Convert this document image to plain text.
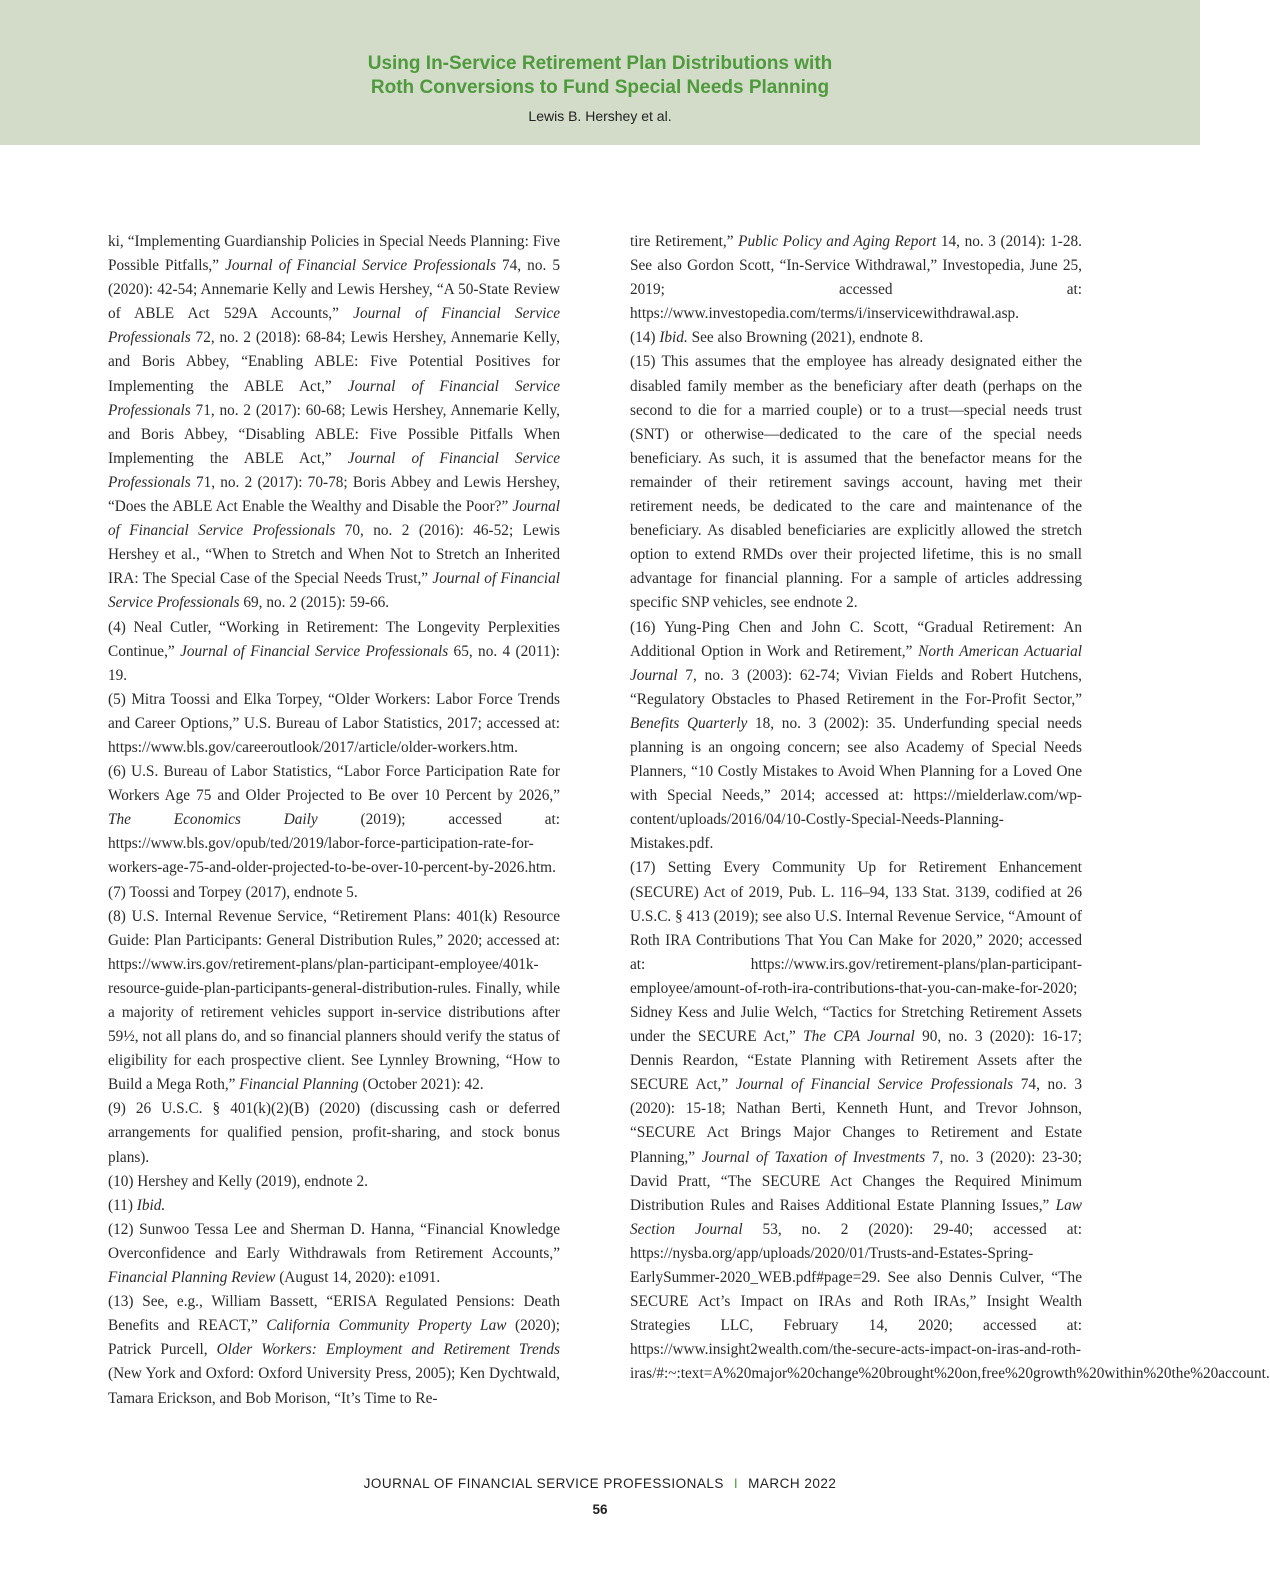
Using In-Service Retirement Plan Distributions with
Roth Conversions to Fund Special Needs Planning
Lewis B. Hershey et al.

ki, “Implementing Guardianship Policies in Special Needs Planning: Five Possible Pitfalls,” Journal of Financial Service Professionals 74, no. 5 (2020): 42-54; Annemarie Kelly and Lewis Hershey, “A 50-State Review of ABLE Act 529A Accounts,” Journal of Financial Service Professionals 72, no. 2 (2018): 68-84; Lewis Hershey, Annemarie Kelly, and Boris Abbey, “Enabling ABLE: Five Potential Positives for Implementing the ABLE Act,” Journal of Financial Service Professionals 71, no. 2 (2017): 60-68; Lewis Hershey, Annemarie Kelly, and Boris Abbey, “Disabling ABLE: Five Possible Pitfalls When Implementing the ABLE Act,” Journal of Financial Service Professionals 71, no. 2 (2017): 70-78; Boris Abbey and Lewis Hershey, “Does the ABLE Act Enable the Wealthy and Disable the Poor?” Journal of Financial Service Professionals 70, no. 2 (2016): 46-52; Lewis Hershey et al., “When to Stretch and When Not to Stretch an Inherited IRA: The Special Case of the Special Needs Trust,” Journal of Financial Service Professionals 69, no. 2 (2015): 59-66.

(4) Neal Cutler, “Working in Retirement: The Longevity Perplexities Continue,” Journal of Financial Service Professionals 65, no. 4 (2011): 19.

(5) Mitra Toossi and Elka Torpey, “Older Workers: Labor Force Trends and Career Options,” U.S. Bureau of Labor Statistics, 2017; accessed at: https://www.bls.gov/careeroutlook/2017/article/older-workers.htm.

(6) U.S. Bureau of Labor Statistics, “Labor Force Participation Rate for Workers Age 75 and Older Projected to Be over 10 Percent by 2026,” The Economics Daily (2019); accessed at: https://www.bls.gov/opub/ted/2019/labor-force-participation-rate-for-workers-age-75-and-older-projected-to-be-over-10-percent-by-2026.htm.

(7) Toossi and Torpey (2017), endnote 5.

(8) U.S. Internal Revenue Service, “Retirement Plans: 401(k) Resource Guide: Plan Participants: General Distribution Rules,” 2020; accessed at: https://www.irs.gov/retirement-plans/plan-participant-employee/401k-resource-guide-plan-participants-general-distribution-rules. Finally, while a majority of retirement vehicles support in-service distributions after 59½, not all plans do, and so financial planners should verify the status of eligibility for each prospective client. See Lynnley Browning, “How to Build a Mega Roth,” Financial Planning (October 2021): 42.

(9) 26 U.S.C. § 401(k)(2)(B) (2020) (discussing cash or deferred arrangements for qualified pension, profit-sharing, and stock bonus plans).

(10) Hershey and Kelly (2019), endnote 2.

(11) Ibid.

(12) Sunwoo Tessa Lee and Sherman D. Hanna, “Financial Knowledge Overconfidence and Early Withdrawals from Retirement Accounts,” Financial Planning Review (August 14, 2020): e1091.

(13) See, e.g., William Bassett, “ERISA Regulated Pensions: Death Benefits and REACT,” California Community Property Law (2020); Patrick Purcell, Older Workers: Employment and Retirement Trends (New York and Oxford: Oxford University Press, 2005); Ken Dychtwald, Tamara Erickson, and Bob Morison, “It’s Time to Re-

tire Retirement,” Public Policy and Aging Report 14, no. 3 (2014): 1-28. See also Gordon Scott, “In-Service Withdrawal,” Investopedia, June 25, 2019; accessed at: https://www.investopedia.com/terms/i/inservicewithdrawal.asp.

(14) Ibid. See also Browning (2021), endnote 8.

(15) This assumes that the employee has already designated either the disabled family member as the beneficiary after death (perhaps on the second to die for a married couple) or to a trust—special needs trust (SNT) or otherwise—dedicated to the care of the special needs beneficiary. As such, it is assumed that the benefactor means for the remainder of their retirement savings account, having met their retirement needs, be dedicated to the care and maintenance of the beneficiary. As disabled beneficiaries are explicitly allowed the stretch option to extend RMDs over their projected lifetime, this is no small advantage for financial planning. For a sample of articles addressing specific SNP vehicles, see endnote 2.

(16) Yung-Ping Chen and John C. Scott, “Gradual Retirement: An Additional Option in Work and Retirement,” North American Actuarial Journal 7, no. 3 (2003): 62-74; Vivian Fields and Robert Hutchens, “Regulatory Obstacles to Phased Retirement in the For-Profit Sector,” Benefits Quarterly 18, no. 3 (2002): 35. Underfunding special needs planning is an ongoing concern; see also Academy of Special Needs Planners, “10 Costly Mistakes to Avoid When Planning for a Loved One with Special Needs,” 2014; accessed at: https://mielderlaw.com/wp-content/uploads/2016/04/10-Costly-Special-Needs-Planning-Mistakes.pdf.

(17) Setting Every Community Up for Retirement Enhancement (SECURE) Act of 2019, Pub. L. 116–94, 133 Stat. 3139, codified at 26 U.S.C. § 413 (2019); see also U.S. Internal Revenue Service, “Amount of Roth IRA Contributions That You Can Make for 2020,” 2020; accessed at: https://www.irs.gov/retirement-plans/plan-participant-employee/amount-of-roth-ira-contributions-that-you-can-make-for-2020; Sidney Kess and Julie Welch, “Tactics for Stretching Retirement Assets under the SECURE Act,” The CPA Journal 90, no. 3 (2020): 16-17; Dennis Reardon, “Estate Planning with Retirement Assets after the SECURE Act,” Journal of Financial Service Professionals 74, no. 3 (2020): 15-18; Nathan Berti, Kenneth Hunt, and Trevor Johnson, “SECURE Act Brings Major Changes to Retirement and Estate Planning,” Journal of Taxation of Investments 7, no. 3 (2020): 23-30; David Pratt, “The SECURE Act Changes the Required Minimum Distribution Rules and Raises Additional Estate Planning Issues,” Law Section Journal 53, no. 2 (2020): 29-40; accessed at: https://nysba.org/app/uploads/2020/01/Trusts-and-Estates-Spring-EarlySummer-2020_WEB.pdf#page=29. See also Dennis Culver, “The SECURE Act’s Impact on IRAs and Roth IRAs,” Insight Wealth Strategies LLC, February 14, 2020; accessed at: https://www.insight2wealth.com/the-secure-acts-impact-on-iras-and-roth-iras/#:~:text=A%20major%20change%20brought%20on,free%20growth%20within%20the%20account.

JOURNAL OF FINANCIAL SERVICE PROFESSIONALS I MARCH 2022
56
